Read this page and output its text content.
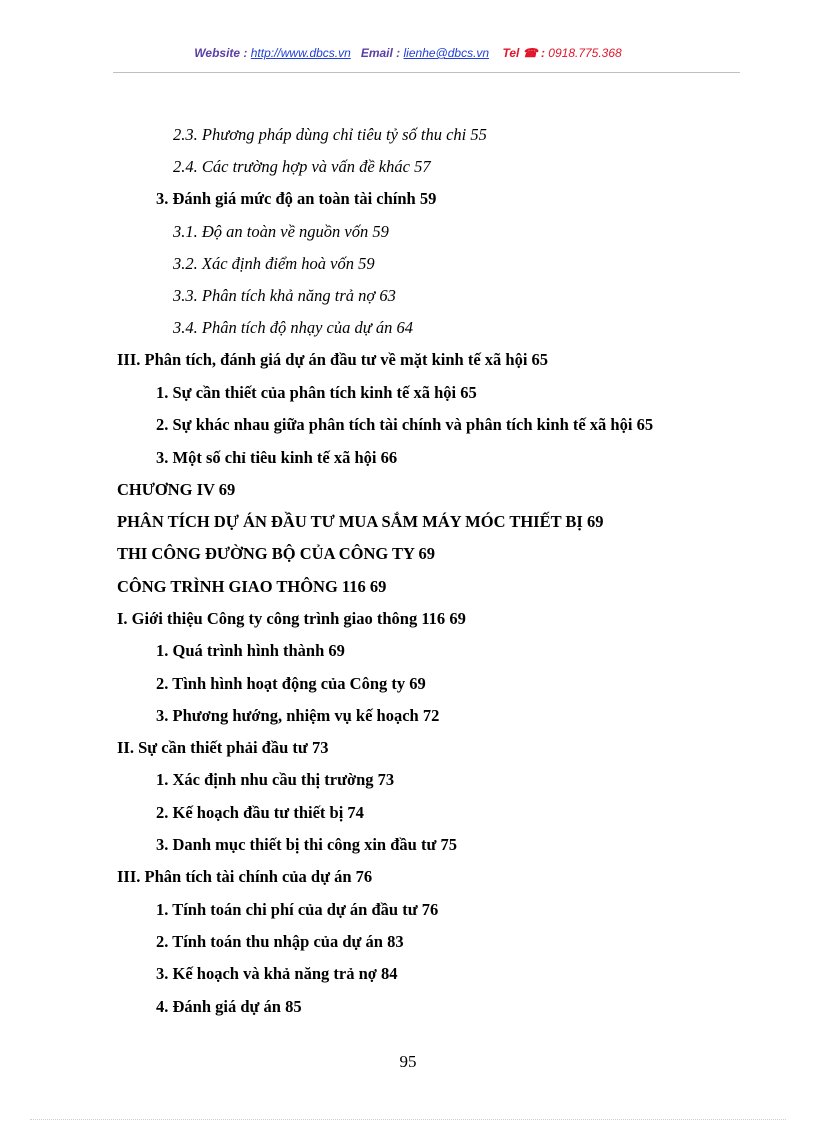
Website : http://www.dbcs.vn Email : lienhe@dbcs.vn Tel ☎ : 0918.775.368
2.3. Phương pháp dùng chỉ tiêu tỷ số thu chi 55
2.4. Các trường hợp và vấn đề khác 57
3. Đánh giá mức độ an toàn tài chính 59
3.1. Độ an toàn về nguồn vốn 59
3.2. Xác định điểm hoà vốn 59
3.3. Phân tích khả năng trả nợ 63
3.4. Phân tích độ nhạy của dự án 64
III. Phân tích, đánh giá dự án đầu tư về mặt kinh tế xã hội 65
1. Sự cần thiết của phân tích kinh tế xã hội 65
2. Sự khác nhau giữa phân tích tài chính và phân tích kinh tế xã hội 65
3. Một số chỉ tiêu kinh tế xã hội 66
CHƯƠNG IV 69
PHÂN TÍCH DỰ ÁN ĐẦU TƯ MUA SẮM MÁY MÓC THIẾT BỊ 69
THI CÔNG ĐƯỜNG BỘ CỦA CÔNG TY 69
CÔNG TRÌNH GIAO THÔNG 116 69
I. Giới thiệu Công ty công trình giao thông 116 69
1. Quá trình hình thành 69
2. Tình hình hoạt động của Công ty 69
3. Phương hướng, nhiệm vụ kế hoạch 72
II. Sự cần thiết phải đầu tư 73
1. Xác định nhu cầu thị trường 73
2. Kế hoạch đầu tư thiết bị 74
3. Danh mục thiết bị thi công xin đầu tư 75
III. Phân tích tài chính của dự án 76
1. Tính toán chi phí của dự án đầu tư 76
2. Tính toán thu nhập của dự án 83
3. Kế hoạch và khả năng trả nợ 84
4. Đánh giá dự án 85
95
